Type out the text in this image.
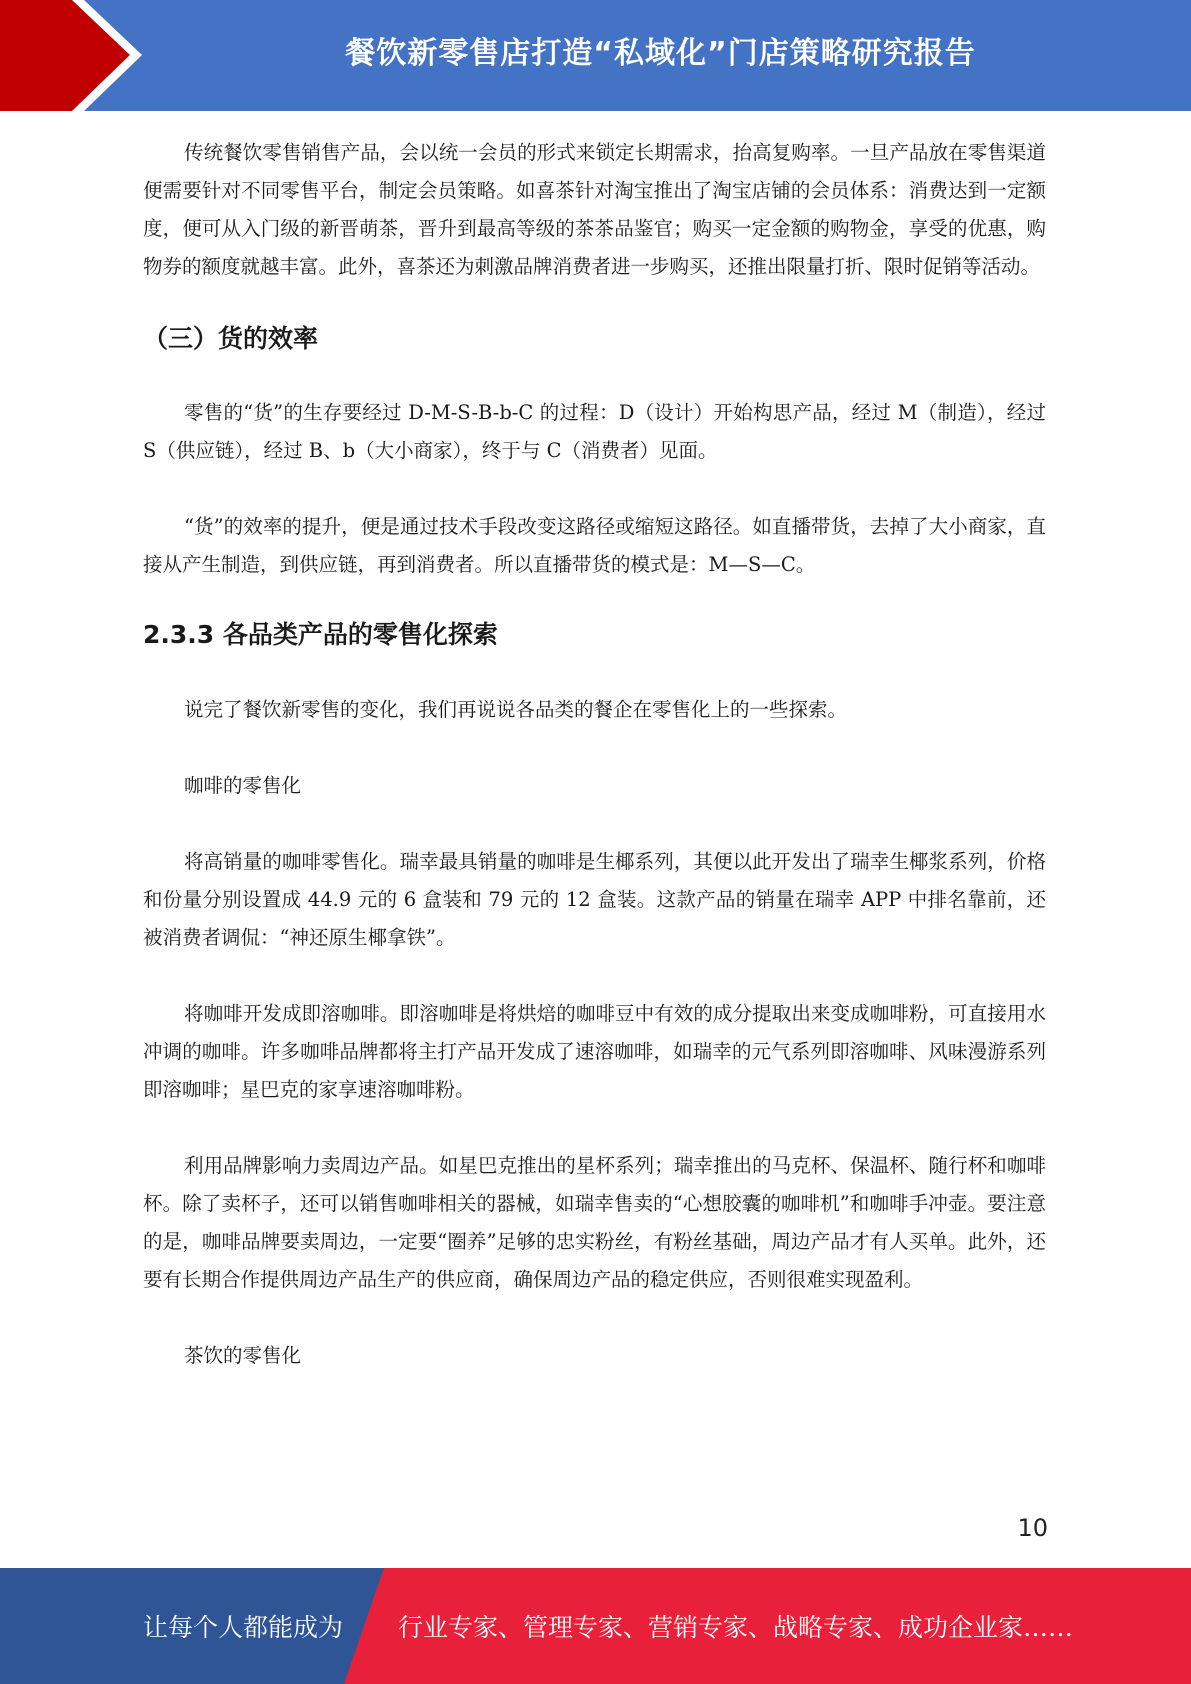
餐饮新零售店打造“私域化”门店策略研究报告

传统餐饮零售销售产品，会以统一会员的形式来锁定长期需求，抬高复购率。一旦产品放在零售渠道便需要针对不同零售平台，制定会员策略。如喜茶针对淘宝推出了淘宝店铺的会员体系：消费达到一定额度，便可从入门级的新晋萌茶，晋升到最高等级的茶茶品鉴官；购买一定金额的购物金，享受的优惠，购物券的额度就越丰富。此外，喜茶还为刺激品牌消费者进一步购买，还推出限量打折、限时促销等活动。

（三）货的效率

零售的“货”的生存要经过 D-M-S-B-b-C 的过程：D（设计）开始构思产品，经过 M（制造），经过 S（供应链），经过 B、b（大小商家），终于与 C（消费者）见面。

“货”的效率的提升，便是通过技术手段改变这路径或缩短这路径。如直播带货，去掉了大小商家，直接从产生制造，到供应链，再到消费者。所以直播带货的模式是：M—S—C。

2.3.3 各品类产品的零售化探索

说完了餐饮新零售的变化，我们再说说各品类的餐企在零售化上的一些探索。

咖啡的零售化

将高销量的咖啡零售化。瑞幸最具销量的咖啡是生椰系列，其便以此开发出了瑞幸生椰浆系列，价格和份量分别设置成 44.9 元的 6 盒装和 79 元的 12 盒装。这款产品的销量在瑞幸 APP 中排名靠前，还被消费者调侃：“神还原生椰拿铁”。

将咖啡开发成即溶咖啡。即溶咖啡是将烘焙的咖啡豆中有效的成分提取出来变成咖啡粉，可直接用水冲调的咖啡。许多咖啡品牌都将主打产品开发成了速溶咖啡，如瑞幸的元气系列即溶咖啡、风味漫游系列即溶咖啡；星巴克的家享速溶咖啡粉。

利用品牌影响力卖周边产品。如星巴克推出的星杯系列；瑞幸推出的马克杯、保温杯、随行杯和咖啡杯。除了卖杯子，还可以销售咖啡相关的器械，如瑞幸售卖的“心想胶囊的咖啡机”和咖啡手冲壶。要注意的是，咖啡品牌要卖周边，一定要“圈养”足够的忠实粉丝，有粉丝基础，周边产品才有人买单。此外，还要有长期合作提供周边产品生产的供应商，确保周边产品的稳定供应，否则很难实现盈利。

茶饮的零售化

10
让每个人都能成为 行业专家、管理专家、营销专家、战略专家、成功企业家……
